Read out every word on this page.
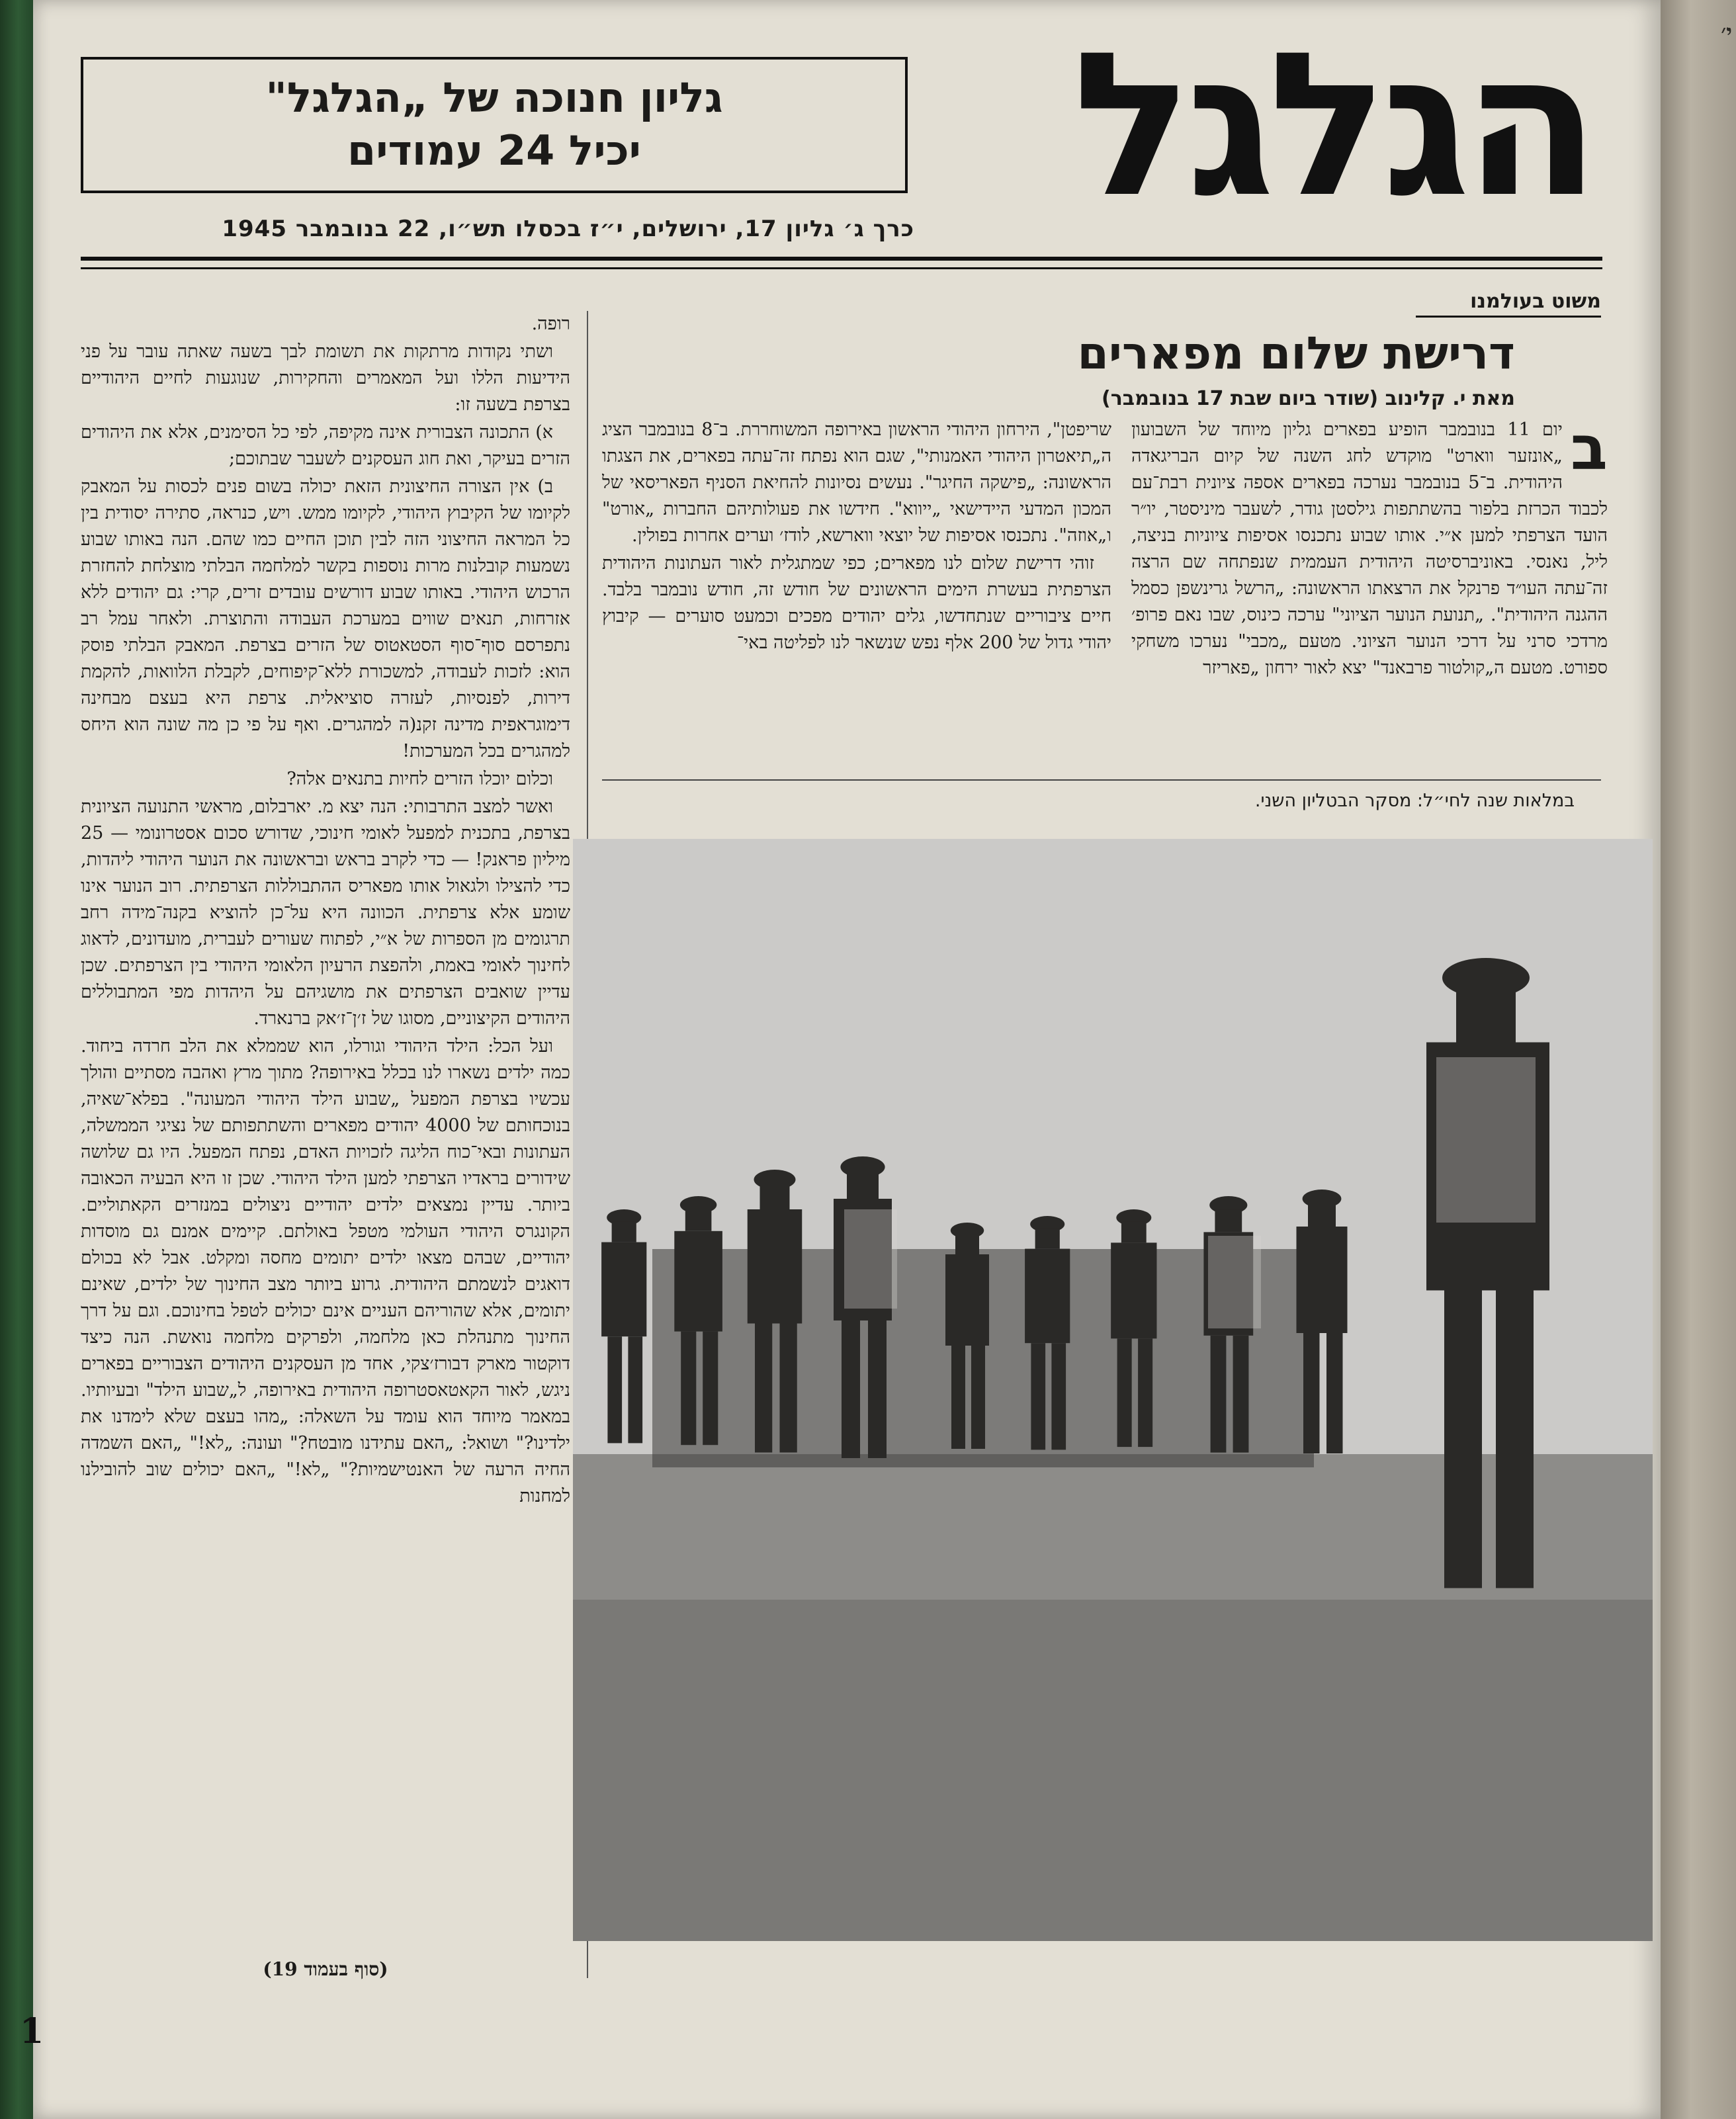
י׳
הגלגל
גליון חנוכה של „הגלגל"
יכיל 24 עמודים
כרך ג׳ גליון 17, ירושלים, י״ז בכסלו תש״ו, 22 בנובמבר 1945
משוט בעולמנו
דרישת שלום מפארים
מאת י. קלינוב (שודר ביום שבת 17 בנובמבר)
ב

יום 11 בנובמבר הופיע בפארים גליון מיוחד של השבועון „אונזער ווארט" מוקדש לחג השנה של קיום הבריגאדה היהודית. ב־5 בנובמבר נערכה בפארים אספה ציונית רבת־עם לכבוד הכרזת בלפור בהשתתפות גילסטן גודר, לשעבר מיניסטר, יו״ר הועד הצרפתי למען א״י. אותו שבוע נתכנסו אסיפות ציוניות בניצה, ליל, נאנסי. באוניברסיטה היהודית העממית שנפתחה שם הרצה זה־עתה העו״ד פרנקל את הרצאתו הראשונה: „הרשל גרינשפן כסמל ההגנה היהודית". „תנועת הנוער הציוני" ערכה כינוס, שבו נאם פרופ׳ מרדכי סרני על דרכי הנוער הציוני. מטעם „מכבי" נערכו משחקי ספורט. מטעם ה„קולטור פרבאנד" יצא לאור ירחון „פאריזר

שריפטן", הירחון היהודי הראשון באירופה המשוחררת. ב־8 בנובמבר הציג ה„תיאטרון היהודי האמנותי", שגם הוא נפתח זה־עתה בפארים, את הצגתו הראשונה: „פישקה החיגר". נעשים נסיונות להחיאת הסניף הפאריסאי של המכון המדעי היידישאי „ייווא". חידשו את פעולותיהם החברות „אורט" ו„אוזה". נתכנסו אסיפות של יוצאי ווארשא, לודז׳ וערים אחרות בפולין.

זוהי דרישת שלום לנו מפארים; כפי שמתגלית לאור העתונות היהודית הצרפתית בעשרת הימים הראשונים של חודש זה, חודש נובמבר בלבד. חיים ציבוריים שנתחדשו, גלים יהודים מפכים וכמעט סוערים — קיבוץ יהודי גדול של 200 אלף נפש שנשאר לנו לפליטה באי־

במלאות שנה לחי״ל: מסקר הבטליון השני.

רופה.

ושתי נקודות מרתקות את תשומת לבך בשעה שאתה עובר על פני הידיעות הללו ועל המאמרים והחקירות, שנוגעות לחיים היהודיים בצרפת בשעה זו:

א) התכונה הצבורית אינה מקיפה, לפי כל הסימנים, אלא את היהודים הזרים בעיקר, ואת חוג העסקנים לשעבר שבתוכם;

ב) אין הצורה החיצונית הזאת יכולה בשום פנים לכסות על המאבק לקיומו של הקיבוץ היהודי, לקיומו ממש. ויש, כנראה, סתירה יסודית בין כל המראה החיצוני הזה לבין תוכן החיים כמו שהם. הנה באותו שבוע נשמעות קובלנות מרות נוספות בקשר למלחמה הבלתי מוצלחת להחזרת הרכוש היהודי. באותו שבוע דורשים עובדים זרים, קרי: גם יהודים ללא אזרחות, תנאים שווים במערכת העבודה והתוצרת. ולאחר עמל רב נתפרסם סוף־סוף הסטאטוס של הזרים בצרפת. המאבק הבלתי פוסק הוא: לזכות לעבודה, למשכורת ללא־קיפוחים, לקבלת הלוואות, להקמת דירות, לפנסיות, לעזרה סוציאלית. צרפת היא בעצם מבחינה דימוגראפית מדינה זקנ(ה למהגרים. ואף על פי כן מה שונה הוא היחס למהגרים בכל המערכות!

וכלום יוכלו הזרים לחיות בתנאים אלה?

ואשר למצב התרבותי: הנה יצא מ. יארבלום, מראשי התנועה הציונית בצרפת, בתכנית למפעל לאומי חינוכי, שדורש סכום אסטרונומי — 25 מיליון פראנק! — כדי לקרב בראש ובראשונה את הנוער היהודי ליהדות, כדי להצילו ולגאול אותו מפאריס ההתבוללות הצרפתית. רוב הנוער אינו שומע אלא צרפתית. הכוונה היא על־כן להוציא בקנה־מידה רחב תרגומים מן הספרות של א״י, לפתוח שעורים לעברית, מועדונים, לדאוג לחינוך לאומי באמת, ולהפצת הרעיון הלאומי היהודי בין הצרפתים. שכן עדיין שואבים הצרפתים את מושגיהם על היהדות מפי המתבוללים היהודים הקיצוניים, מסוגו של ז׳ן־ז׳אק ברנארד.

ועל הכל: הילד היהודי וגורלו, הוא שממלא את הלב חרדה ביחוד. כמה ילדים נשארו לנו בכלל באירופה? מתוך מרץ ואהבה מסתיים והולך עכשיו בצרפת המפעל „שבוע הילד היהודי המעונה". בפלא־שאיה, בנוכחותם של 4000 יהודים מפארים והשתתפותם של נציגי הממשלה, העתונות ובאי־כוח הליגה לזכויות האדם, נפתח המפעל. היו גם שלושה שידורים בראדיו הצרפתי למען הילד היהודי. שכן זו היא הבעיה הכאובה ביותר. עדיין נמצאים ילדים יהודיים ניצולים במנזרים הקאתוליים. הקונגרס היהודי העולמי מטפל באולתם. קיימים אמנם גם מוסדות יהודיים, שבהם מצאו ילדים יתומים מחסה ומקלט. אבל לא בכולם דואגים לנשמתם היהודית. גרוע ביותר מצב החינוך של ילדים, שאינם יתומים, אלא שהוריהם העניים אינם יכולים לטפל בחינוכם. וגם על דרך החינוך מתנהלת כאן מלחמה, ולפרקים מלחמה נואשת. הנה כיצד דוקטור מארק דבורז׳צקי, אחד מן העסקנים היהודים הצבוריים בפארים ניגש, לאור הקאטאסטרופה היהודית באירופה, ל„שבוע הילד" ובעיותיו. במאמר מיוחד הוא עומד על השאלה: „מהו בעצם שלא לימדנו את ילדינו?" ושואל: „האם עתידנו מובטח?" ועונה: „לא!" „האם השמדה החיה הרעה של האנטישמיות?" „לא!" „האם יכולים שוב להובילנו למחנות

(סוף בעמוד 19)
1
